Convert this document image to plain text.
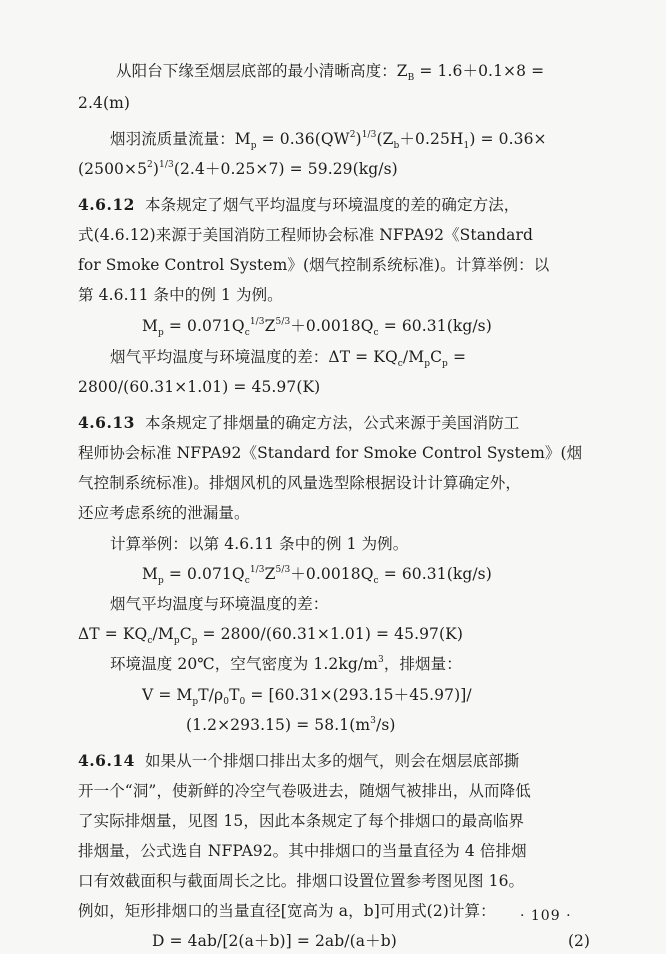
从阳台下缘至烟层底部的最小清晰高度：$Z_B = 1.6+0.1\times 8$ =
2.4(m)
烟羽流质量流量：$M_p = 0.36(QW^2)^{1/3}(Z_b+0.25H_1) = 0.36\times$
$(2500\times 5^2)^{1/3}(2.4+0.25\times 7) = 59.29(kg/s)$
4.6.12  本条规定了烟气平均温度与环境温度的差的确定方法，
式(4.6.12)来源于美国消防工程师协会标准 NFPA92《Standard
for Smoke Control System》(烟气控制系统标准)。计算举例：以
第 4.6.11 条中的例 1 为例。
$M_p = 0.071Q_c^{1/3}Z^{5/3}+0.0018Q_c = 60.31(kg/s)$
烟气平均温度与环境温度的差：$\Delta T = KQ_c/M_pC_p$ =
2800/(60.31×1.01) = 45.97(K)
4.6.13  本条规定了排烟量的确定方法，公式来源于美国消防工
程师协会标准 NFPA92《Standard for Smoke Control System》(烟
气控制系统标准)。排烟风机的风量选型除根据设计计算确定外，
还应考虑系统的泄漏量。
计算举例：以第 4.6.11 条中的例 1 为例。
$M_p = 0.071Q_c^{1/3}Z^{5/3}+0.0018Q_c = 60.31(kg/s)$
烟气平均温度与环境温度的差：
$\Delta T = KQ_c/M_pC_p = 2800/(60.31\times 1.01) = 45.97(K)$
环境温度 20℃，空气密度为 $1.2kg/m^3$，排烟量：
$V = M_pT/\rho_0T_0 = [60.31\times(293.15+45.97)]/$
$(1.2\times 293.15) = 58.1(m^3/s)$
4.6.14  如果从一个排烟口排出太多的烟气，则会在烟层底部撕
开一个“洞”，使新鲜的冷空气卷吸进去，随烟气被排出，从而降低
了实际排烟量，见图 15，因此本条规定了每个排烟口的最高临界
排烟量，公式选自 NFPA92。其中排烟口的当量直径为 4 倍排烟
口有效截面积与截面周长之比。排烟口设置位置参考图见图 16。
例如，矩形排烟口的当量直径[宽高为 a，b]可用式(2)计算：
D = 4ab/[2(a＋b)] = 2ab/(a＋b)	(2)
· 109 ·
